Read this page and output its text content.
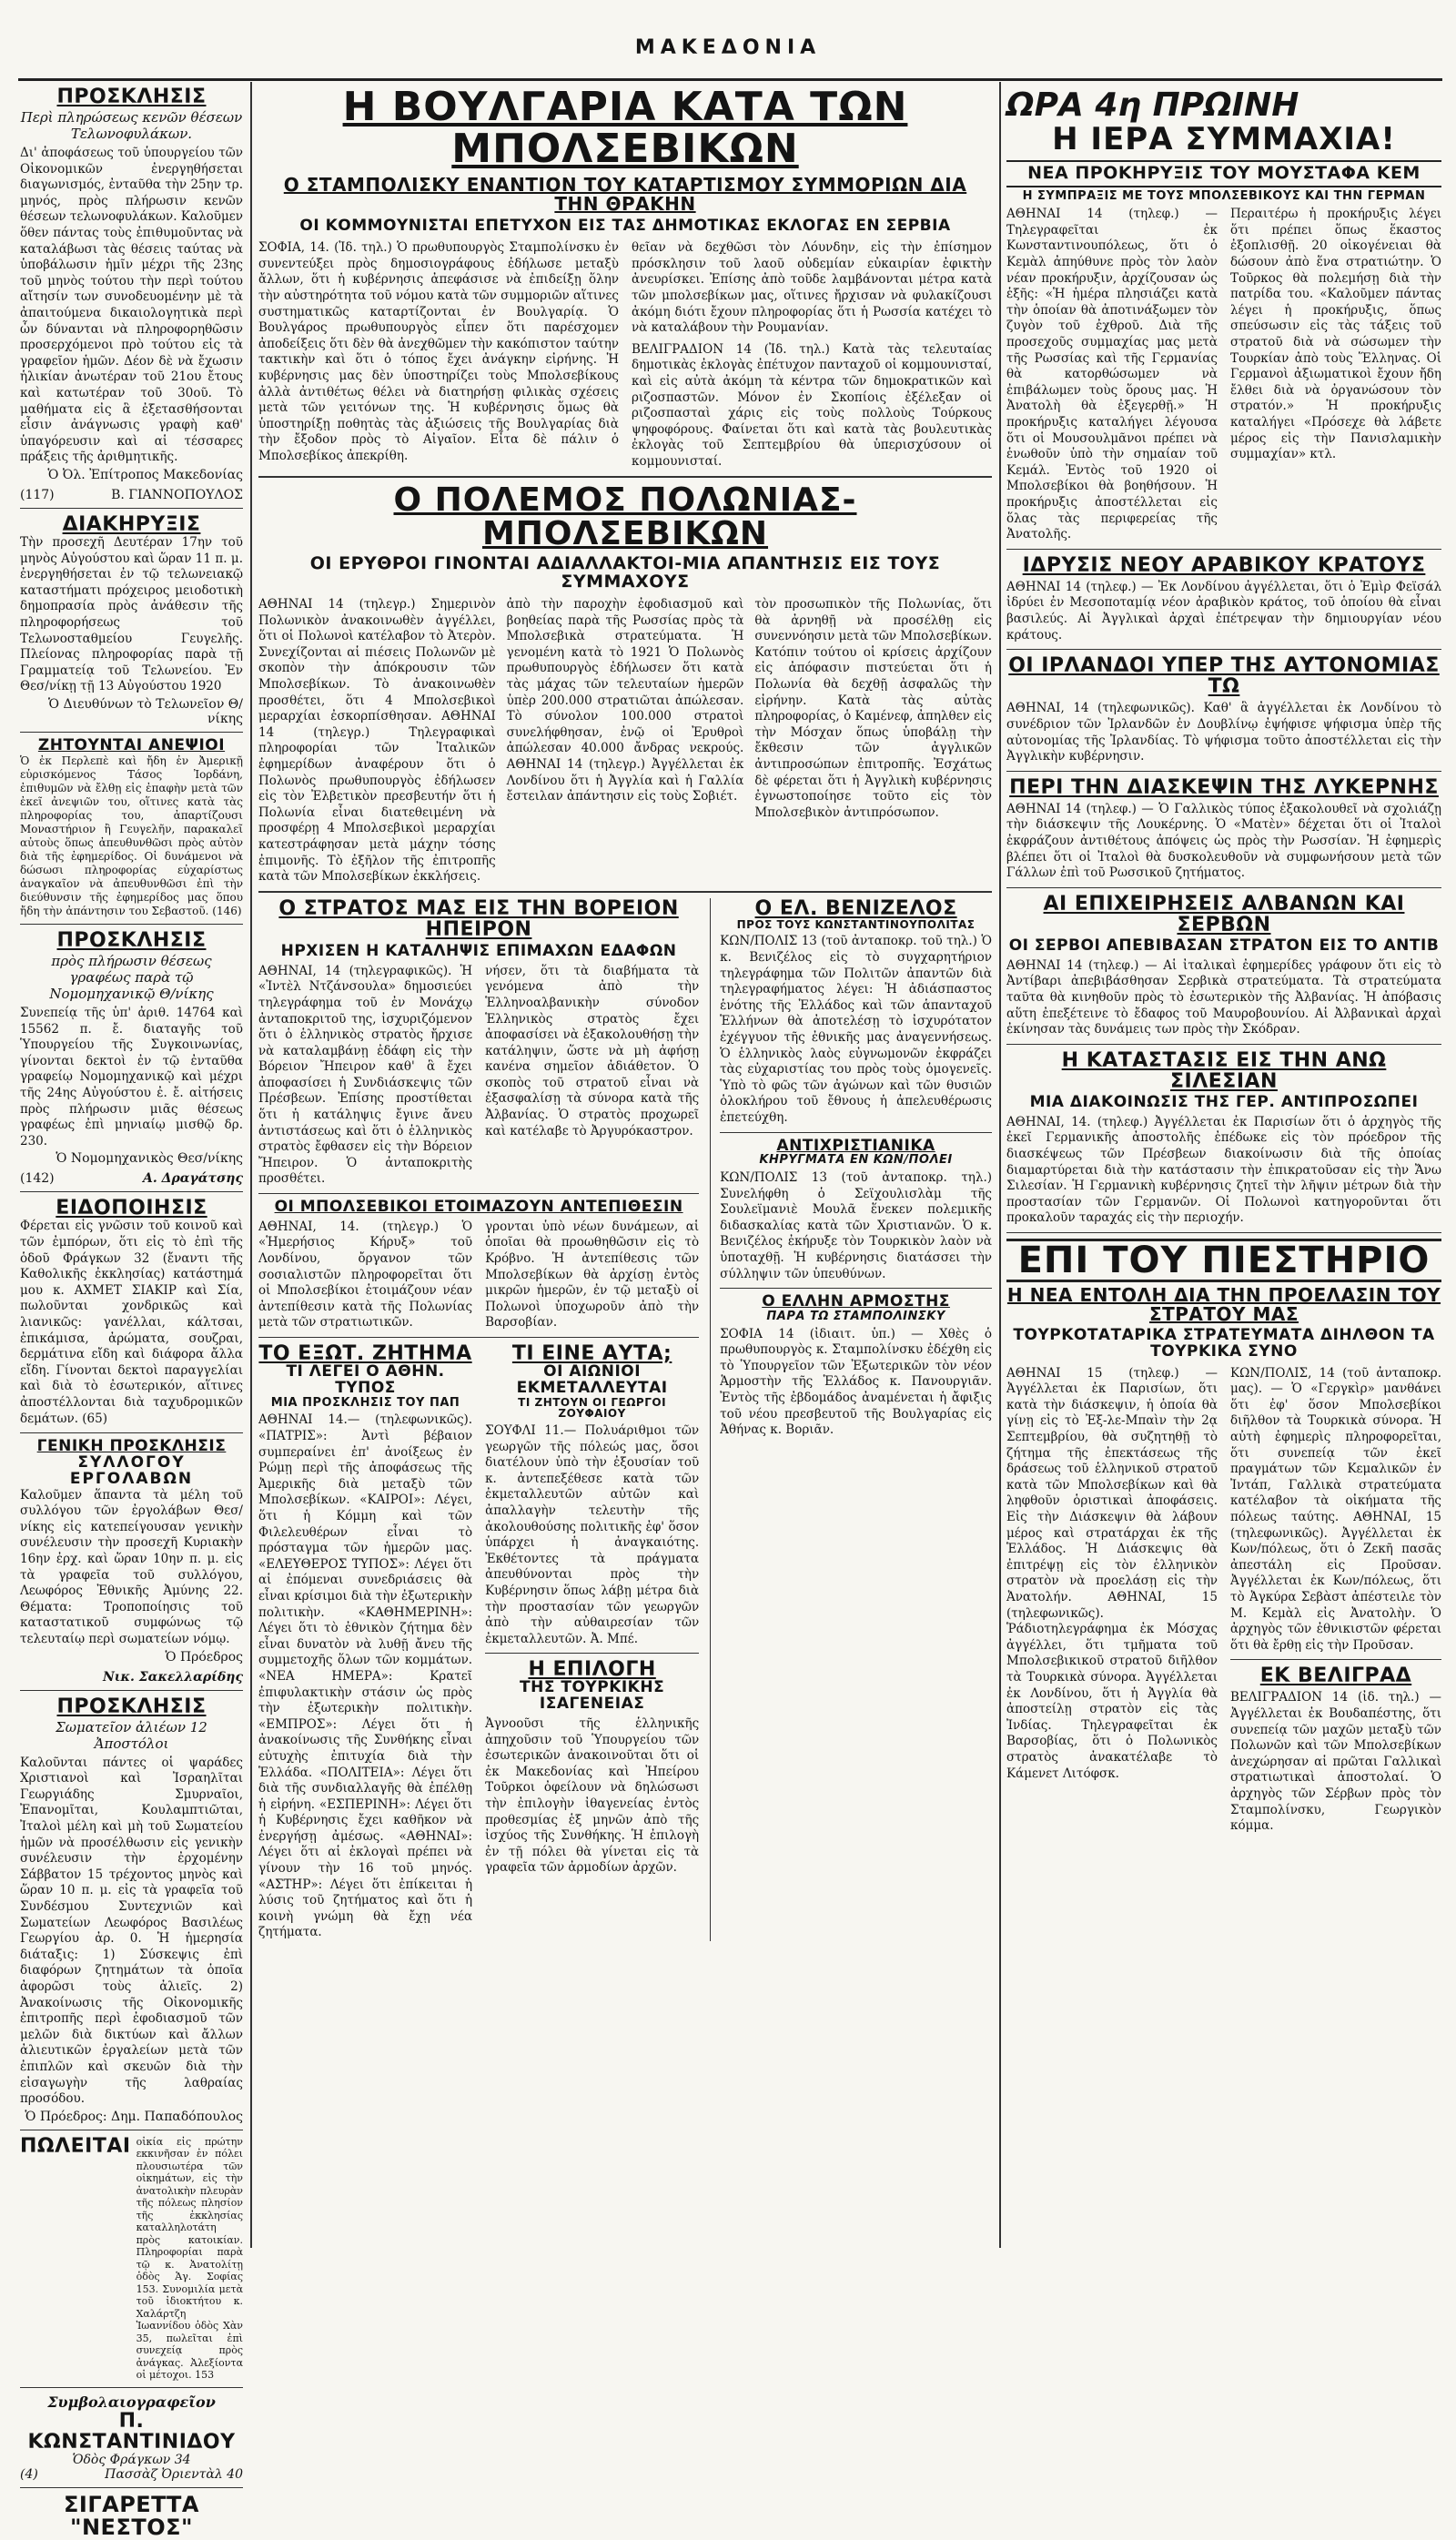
ΜΑΚΕΔΟΝΙΑ
ΠΡΟΣΚΛΗΣΙΣ
Περὶ πληρώσεως κενῶν θέσεων Τελωνοφυλάκων.

Δι' ἀποφάσεως τοῦ ὑπουργείου τῶν Οἰκονομικῶν ἐνεργηθήσεται διαγωνισμός, ἐνταῦθα τὴν 25ην τρ. μηνός, πρὸς πλήρωσιν κενῶν θέσεων τελωνοφυλάκων. Καλοῦμεν ὅθεν πάντας τοὺς ἐπιθυμοῦντας νὰ καταλάβωσι τὰς θέσεις ταύτας νὰ ὑποβάλωσιν ἡμῖν μέχρι τῆς 23ης τοῦ μηνὸς τούτου τὴν περὶ τούτου αἴτησίν των συνοδευομένην μὲ τὰ ἀπαιτούμενα δικαιολογητικὰ περὶ ὧν δύνανται νὰ πληροφορηθῶσιν προσερχόμενοι πρὸ τούτου εἰς τὰ γραφεῖον ἡμῶν. Δέον δὲ νὰ ἔχωσιν ἡλικίαν ἀνωτέραν τοῦ 21ου ἔτους καὶ κατωτέραν τοῦ 30οῦ. Τὸ μαθήματα εἰς ἃ ἐξετασθήσονται εἶσιν ἀνάγνωσις γραφὴ καθ' ὑπαγόρευσιν καὶ αἱ τέσσαρες πράξεις τῆς ἀριθμητικῆς.

Ὁ Ὀλ. Ἐπίτροπος Μακεδονίας
(117)	Β. ΓΙΑΝΝΟΠΟΥΛΟΣ
ΔΙΑΚΗΡΥΞΙΣ

Τὴν προσεχῆ Δευτέραν 17ην τοῦ μηνὸς Αὐγούστου καὶ ὥραν 11 π. μ. ἐνεργηθήσεται ἐν τῷ τελωνειακῷ καταστήματι πρόχειρος μειοδοτικὴ δημοπρασία πρὸς ἀνάθεσιν τῆς πληροφορήσεως τοῦ Τελωνοσταθμείου Γευγελῆς. Πλείονας πληροφορίας παρὰ τῇ Γραμματείᾳ τοῦ Τελωνείου. Ἐν Θεσ/νίκῃ τῇ 13 Αὐγούστου 1920

Ὁ Διευθύνων τὸ Τελωνεῖον Θ/νίκης
ΖΗΤΟΥΝΤΑΙ ΑΝΕΨΙΟΙ

Ὁ ἐκ Περλεπὲ καὶ ἤδη ἐν Ἀμερικῇ εὑρισκόμενος Τάσος Ἰορδάνη, ἐπιθυμῶν νὰ ἔλθῃ εἰς ἐπαφὴν μετὰ τῶν ἐκεῖ ἀνεψιῶν του, οἵτινες κατὰ τὰς πληροφορίας του, ἀπαρτίζουσι Μοναστήριον ἢ Γευγελῆν, παρακαλεῖ αὐτοὺς ὅπως ἀπευθυνθῶσι πρὸς αὐτὸν διὰ τῆς ἐφημερίδος. Οἱ δυνάμενοι νὰ δώσωσι πληροφορίας εὐχαρίστως ἀναγκαῖον νὰ ἀπευθυνθῶσι ἐπὶ τὴν διεύθυνσιν τῆς ἐφημερίδος μας ὅπου ἤδη τὴν ἀπάντησιν του Σεβαστοῦ. (146)

ΠΡΟΣΚΛΗΣΙΣ
πρὸς πλήρωσιν θέσεως γραφέως παρὰ τῷ Νομομηχανικῷ Θ/νίκης

Συνεπείᾳ τῆς ὑπ' ἀριθ. 14764 καὶ 15562 π. ἔ. διαταγῆς τοῦ Ὑπουργείου τῆς Συγκοινωνίας, γίνονται δεκτοὶ ἐν τῷ ἐνταῦθα γραφείῳ Νομομηχανικῷ καὶ μέχρι τῆς 24ης Αὐγούστου ἐ. ἔ. αἰτήσεις πρὸς πλήρωσιν μιᾶς θέσεως γραφέως ἐπὶ μηνιαίῳ μισθῷ δρ. 230.

Ὁ Νομομηχανικὸς Θεσ/νίκης
(142)	Α. Δραγάτσης
ΕΙΔΟΠΟΙΗΣΙΣ

Φέρεται εἰς γνῶσιν τοῦ κοινοῦ καὶ τῶν ἐμπόρων, ὅτι εἰς τὸ ἐπὶ τῆς ὁδοῦ Φράγκων 32 (ἔναντι τῆς Καθολικῆς ἐκκλησίας) κατάστημά μου κ. ΑΧΜΕΤ ΣΙΑΚΙΡ καὶ Σία, πωλοῦνται χονδρικῶς καὶ λιανικῶς: γανέλλαι, κάλτσαι, ἐπικάμισα, ἀρώματα, σουζραι, δερμάτινα εἴδη καὶ διάφορα ἄλλα εἴδη. Γίνονται δεκτοὶ παραγγελίαι καὶ διὰ τὸ ἐσωτερικόν, αἵτινες ἀποστέλλονται διὰ ταχυδρομικῶν δεμάτων. (65)

ΓΕΝΙΚΗ ΠΡΟΣΚΛΗΣΙΣ
ΣΥΛΛΟΓΟΥ ΕΡΓΟΛΑΒΩΝ

Καλοῦμεν ἅπαντα τὰ μέλη τοῦ συλλόγου τῶν ἐργολάβων Θεσ/νίκης εἰς κατεπείγουσαν γενικὴν συνέλευσιν τὴν προσεχῆ Κυριακὴν 16ην ἐρχ. καὶ ὥραν 10ην π. μ. εἰς τὰ γραφεῖα τοῦ συλλόγου, Λεωφόρος Ἐθνικῆς Ἀμύνης 22. Θέματα: Τροποποίησις τοῦ καταστατικοῦ συμφώνως τῷ τελευταίῳ περὶ σωματείων νόμῳ.

Ὁ Πρόεδρος
Νικ. Σακελλαρίδης
ΠΡΟΣΚΛΗΣΙΣ
Σωματεῖον ἀλιέων 12 Ἀποστόλοι

Καλοῦνται πάντες οἱ ψαράδες Χριστιανοὶ καὶ Ἰσραηλῖται Γεωργιάδης Σμυρναῖοι, Ἐπανομῖται, Κουλαμπτιῶται, Ἰταλοὶ μέλη καὶ μὴ τοῦ Σωματείου ἡμῶν νὰ προσέλθωσιν εἰς γενικὴν συνέλευσιν τὴν ἐρχομένην Σάββατον 15 τρέχοντος μηνὸς καὶ ὥραν 10 π. μ. εἰς τὰ γραφεῖα τοῦ Συνδέσμου Συντεχνιῶν καὶ Σωματείων Λεωφόρος Βασιλέως Γεωργίου ἀρ. 0. Ἡ ἡμερησία διάταξις: 1) Σύσκεψις ἐπὶ διαφόρων ζητημάτων τὰ ὁποῖα ἀφορῶσι τοὺς ἀλιεῖς. 2) Ἀνακοίνωσις τῆς Οἰκονομικῆς ἐπιτροπῆς περὶ ἐφοδιασμοῦ τῶν μελῶν διὰ δικτύων καὶ ἄλλων ἀλιευτικῶν ἐργαλείων μετὰ τῶν ἐπιπλῶν καὶ σκευῶν διὰ τὴν εἰσαγωγὴν τῆς λαθραίας προσόδου.

Ὁ Πρόεδρος: Δημ. Παπαδόπουλος
ΠΩΛΕΙΤΑΙ οἰκία εἰς πρώτην εκκινῆσαν ἐν πόλει πλουσιωτέρα τῶν οἰκημάτων, εἰς τὴν ἀνατολικὴν πλευρὰν τῆς πόλεως πλησίον τῆς ἐκκλησίας καταλληλοτάτη πρὸς κατοικίαν. Πληροφορίαι παρὰ τῷ κ. Ἀνατολίτῃ ὁδὸς Ἁγ. Σοφίας 153. Συνομιλία μετὰ τοῦ ἰδιοκτήτου κ. Χαλάρτζη Ἰωαννίδου ὁδὸς Χὰν 35, πωλεῖται ἐπὶ συνεχείᾳ πρὸς ἀνάγκας. Ἀλεξίοντα οἱ μέτοχοι. 153

Συμβολαιογραφεῖον
Π. ΚΩΝΣΤΑΝΤΙΝΙΔΟΥ
Ὁδὸς Φράγκων 34
(4)	Πασσὰζ Ὀριεντὰλ 40
ΣΙΓΑΡΕΤΤΑ "ΝΕΣΤΟΣ"
Η ΒΟΥΛΓΑΡΙΑ ΚΑΤΑ ΤΩΝ ΜΠΟΛΣΕΒΙΚΩΝ
Ο ΣΤΑΜΠΟΛΙΣΚΥ ΕΝΑΝΤΙΟΝ ΤΟΥ ΚΑΤΑΡΤΙΣΜΟΥ ΣΥΜΜΟΡΙΩΝ ΔΙΑ ΤΗΝ ΘΡΑΚΗΝ
ΟΙ ΚΟΜΜΟΥΝΙΣΤΑΙ ΕΠΕΤΥΧΟΝ ΕΙΣ ΤΑΣ ΔΗΜΟΤΙΚΑΣ ΕΚΛΟΓΑΣ ΕΝ ΣΕΡΒΙΑ

ΣΟΦΙΑ, 14. (Ἰδ. τηλ.) Ὁ πρωθυπουργὸς Σταμπολίνσκυ ἐν συνεντεύξει πρὸς δημοσιογράφους ἐδήλωσε μεταξὺ ἄλλων, ὅτι ἡ κυβέρνησις ἀπεφάσισε νὰ ἐπιδείξῃ ὅλην τὴν αὐστηρότητα τοῦ νόμου κατὰ τῶν συμμοριῶν αἵτινες συστηματικῶς καταρτίζονται ἐν Βουλγαρίᾳ. Ὁ Βουλγάρος πρωθυπουργὸς εἶπεν ὅτι παρέσχομεν ἀποδείξεις ὅτι δὲν θὰ ἀνεχθῶμεν τὴν κακόπιστον ταύτην τακτικὴν καὶ ὅτι ὁ τόπος ἔχει ἀνάγκην εἰρήνης. Ἡ κυβέρνησις μας δὲν ὑποστηρίζει τοὺς Μπολσεβίκους ἀλλὰ ἀντιθέτως θέλει νὰ διατηρήσῃ φιλικὰς σχέσεις μετὰ τῶν γειτόνων της. Ἡ κυβέρνησις ὅμως θὰ ὑποστηρίξῃ ποθητὰς τὰς ἀξιώσεις τῆς Βουλγαρίας διὰ τὴν ἔξοδον πρὸς τὸ Αἰγαῖον. Εἶτα δὲ πάλιν ὁ Μπολσεβίκος ἀπεκρίθη.

θεῖαν νὰ δεχθῶσι τὸν Λόυνδην, εἰς τὴν ἐπίσημον πρόσκλησιν τοῦ λαοῦ οὐδεμίαν εὐκαιρίαν ἐφικτὴν ἀνευρίσκει. Ἐπίσης ἀπὸ τοῦδε λαμβάνονται μέτρα κατὰ τῶν μπολσεβίκων μας, οἵτινες ἤρχισαν νὰ φυλακίζουσι ἀκόμη διότι ἔχουν πληροφορίας ὅτι ἡ Ρωσσία κατέχει τὸ νὰ καταλάβουν τὴν Ρουμανίαν.

ΒΕΛΙΓΡΑΔΙΟΝ 14 (Ἰδ. τηλ.) Κατὰ τὰς τελευταίας δημοτικὰς ἐκλογὰς ἐπέτυχον πανταχοῦ οἱ κομμουνισταί, καὶ εἰς αὐτὰ ἀκόμη τὰ κέντρα τῶν δημοκρατικῶν καὶ ριζοσπαστῶν. Μόνον ἐν Σκοπίοις ἐξέλεξαν οἱ ριζοσπασταὶ χάρις εἰς τοὺς πολλοὺς Τούρκους ψηφοφόρους. Φαίνεται ὅτι καὶ κατὰ τὰς βουλευτικὰς ἐκλογὰς τοῦ Σεπτεμβρίου θὰ ὑπερισχύσουν οἱ κομμουνισταί.

Ο ΠΟΛΕΜΟΣ ΠΟΛΩΝΙΑΣ-ΜΠΟΛΣΕΒΙΚΩΝ
ΟΙ ΕΡΥΘΡΟΙ ΓΙΝΟΝΤΑΙ ΑΔΙΑΛΛΑΚΤΟΙ-ΜΙΑ ΑΠΑΝΤΗΣΙΣ ΕΙΣ ΤΟΥΣ ΣΥΜΜΑΧΟΥΣ

ΑΘΗΝΑΙ 14 (τηλεγρ.) Σημερινὸν Πολωνικὸν ἀνακοινωθὲν ἀγγέλλει, ὅτι οἱ Πολωνοὶ κατέλαβον τὸ Ἀτερὸν. Συνεχίζονται αἱ πιέσεις Πολωνῶν μὲ σκοπὸν τὴν ἀπόκρουσιν τῶν Μπολσεβίκων. Τὸ ἀνακοινωθὲν προσθέτει, ὅτι 4 Μπολσεβικοὶ μεραρχίαι ἐσκορπίσθησαν. ΑΘΗΝΑΙ 14 (τηλεγρ.) Τηλεγραφικαὶ πληροφορίαι τῶν Ἰταλικῶν ἐφημερίδων ἀναφέρουν ὅτι ὁ Πολωνὸς πρωθυπουργὸς ἐδήλωσεν εἰς τὸν Ἐλβετικὸν πρεσβευτήν ὅτι ἡ Πολωνία εἶναι διατεθειμένη νὰ προσφέρῃ 4 Μπολσεβικοὶ μεραρχίαι κατεστράφησαν μετὰ μάχην τόσης ἐπιμονῆς. Τὸ ἐξῆλον τῆς ἐπιτροπῆς κατὰ τῶν Μπολσεβίκων ἐκκλήσεις.

ἀπὸ τὴν παροχὴν ἐφοδιασμοῦ καὶ βοηθείας παρὰ τῆς Ρωσσίας πρὸς τὰ Μπολσεβικὰ στρατεύματα. Ἡ γενομένη κατὰ τὸ 1921 Ὁ Πολωνὸς πρωθυπουργὸς ἐδήλωσεν ὅτι κατὰ τὰς μάχας τῶν τελευταίων ἡμερῶν ὑπὲρ 200.000 στρατιῶται ἀπώλεσαν. Τὸ σύνολον 100.000 στρατοὶ συνελήφθησαν, ἐνῷ οἱ Ἐρυθροὶ ἀπώλεσαν 40.000 ἄνδρας νεκρούς. ΑΘΗΝΑΙ 14 (τηλεγρ.) Ἀγγέλλεται ἐκ Λονδίνου ὅτι ἡ Ἀγγλία καὶ ἡ Γαλλία ἔστειλαν ἀπάντησιν εἰς τοὺς Σοβιέτ.

τὸν προσωπικὸν τῆς Πολωνίας, ὅτι θὰ ἀρνηθῇ νὰ προσέλθῃ εἰς συνεννόησιν μετὰ τῶν Μπολσεβίκων. Κατόπιν τούτου οἱ κρίσεις ἀρχίζουν εἰς ἀπόφασιν πιστεύεται ὅτι ἡ Πολωνία θὰ δεχθῇ ἀσφαλῶς τὴν εἰρήνην. Κατὰ τὰς αὐτὰς πληροφορίας, ὁ Καμένεφ, ἀπηλθεν εἰς τὴν Μόσχαν ὅπως ὑποβάλῃ τὴν ἔκθεσιν τῶν ἀγγλικῶν ἀντιπροσώπων ἐπιτροπῆς. Ἐσχάτως δὲ φέρεται ὅτι ἡ Ἀγγλικὴ κυβέρνησις ἐγνωστοποίησε τοῦτο εἰς τὸν Μπολσεβικὸν ἀντιπρόσωπον.

Ο ΣΤΡΑΤΟΣ ΜΑΣ ΕΙΣ ΤΗΝ ΒΟΡΕΙΟΝ ΗΠΕΙΡΟΝ
ΗΡΧΙΣΕΝ Η ΚΑΤΑΛΗΨΙΣ ΕΠΙΜΑΧΩΝ ΕΔΑΦΩΝ

ΑΘΗΝΑΙ, 14 (τηλεγραφικῶς). Ἡ «Ἰντὲλ Ντζάνσουλα» δημοσιεύει τηλεγράφημα τοῦ ἐν Μονάχῳ ἀνταποκριτοῦ της, ἰσχυριζόμενον ὅτι ὁ ἑλληνικὸς στρατὸς ἤρχισε νὰ καταλαμβάνῃ ἐδάφη εἰς τὴν Βόρειον Ἤπειρον καθ' ἃ ἔχει ἀποφασίσει ἡ Συνδιάσκεψις τῶν Πρέσβεων. Ἐπίσης προστίθεται ὅτι ἡ κατάληψις ἔγινε ἄνευ ἀντιστάσεως καὶ ὅτι ὁ ἑλληνικὸς στρατὸς ἔφθασεν εἰς τὴν Βόρειον Ἤπειρον. Ὁ ἀνταποκριτὴς προσθέτει.

νήσεν, ὅτι τὰ διαβήματα τὰ γενόμενα ἀπὸ τὴν Ἑλληνοαλβανικὴν σύνοδον Ἑλληνικὸς στρατὸς ἔχει ἀποφασίσει νὰ ἐξακολουθήσῃ τὴν κατάληψιν, ὥστε νὰ μὴ ἀφήσῃ κανένα σημεῖον ἀδιάθετον. Ὁ σκοπὸς τοῦ στρατοῦ εἶναι νὰ ἐξασφαλίσῃ τὰ σύνορα κατὰ τῆς Ἀλβανίας. Ὁ στρατὸς προχωρεῖ καὶ κατέλαβε τὸ Ἀργυρόκαστρον.

ΟΙ ΜΠΟΛΣΕΒΙΚΟΙ ΕΤΟΙΜΑΖΟΥΝ ΑΝΤΕΠΙΘΕΣΙΝ

ΑΘΗΝΑΙ, 14. (τηλεγρ.) Ὁ «Ἡμερήσιος Κήρυξ» τοῦ Λονδίνου, ὄργανον τῶν σοσιαλιστῶν πληροφορεῖται ὅτι οἱ Μπολσεβίκοι ἑτοιμάζουν νέαν ἀντεπίθεσιν κατὰ τῆς Πολωνίας μετὰ τῶν στρατιωτικῶν.

γρονται ὑπὸ νέων δυνάμεων, αἱ ὁποῖαι θὰ προωθηθῶσιν εἰς τὸ Κρόβνο. Ἡ ἀντεπίθεσις τῶν Μπολσεβίκων θὰ ἀρχίσῃ ἐντὸς μικρῶν ἡμερῶν, ἐν τῷ μεταξὺ οἱ Πολωνοὶ ὑποχωροῦν ἀπὸ τὴν Βαρσοβίαν.

ΤΟ ΕΞΩΤ. ΖΗΤΗΜΑ
ΤΙ ΛΕΓΕΙ Ο ΑΘΗΝ. ΤΥΠΟΣ
ΜΙΑ ΠΡΟΣΚΛΗΣΙΣ ΤΟΥ ΠΑΠ

ΑΘΗΝΑΙ 14.— (τηλεφωνικῶς). «ΠΑΤΡΙΣ»: Ἀντὶ βέβαιον συμπεραίνει ἐπ' ἀνοίξεως ἐν Ρώμῃ περὶ τῆς ἀποφάσεως τῆς Ἀμερικῆς διὰ μεταξὺ τῶν Μπολσεβίκων. «ΚΑΙΡΟΙ»: Λέγει, ὅτι ἡ Κόμμη καὶ τῶν Φιλελευθέρων εἶναι τὸ πρόσταγμα τῶν ἡμερῶν μας. «ΕΛΕΥΘΕΡΟΣ ΤΥΠΟΣ»: Λέγει ὅτι αἱ ἐπόμεναι συνεδριάσεις θὰ εἶναι κρίσιμοι διὰ τὴν ἐξωτερικὴν πολιτικὴν. «ΚΑΘΗΜΕΡΙΝΗ»: Λέγει ὅτι τὸ ἐθνικὸν ζήτημα δὲν εἶναι δυνατὸν νὰ λυθῇ ἄνευ τῆς συμμετοχῆς ὅλων τῶν κομμάτων. «ΝΕΑ ΗΜΕΡΑ»: Κρατεῖ ἐπιφυλακτικὴν στάσιν ὡς πρὸς τὴν ἐξωτερικὴν πολιτικὴν. «ΕΜΠΡΟΣ»: Λέγει ὅτι ἡ ἀνακοίνωσις τῆς Συνθήκης εἶναι εὐτυχὴς ἐπιτυχία διὰ τὴν Ἑλλάδα. «ΠΟΛΙΤΕΙΑ»: Λέγει ὅτι διὰ τῆς συνδιαλλαγῆς θὰ ἐπέλθῃ ἡ εἰρήνη. «ΕΣΠΕΡΙΝΗ»: Λέγει ὅτι ἡ Κυβέρνησις ἔχει καθῆκον νὰ ἐνεργήσῃ ἀμέσως. «ΑΘΗΝΑΙ»: Λέγει ὅτι αἱ ἐκλογαὶ πρέπει νὰ γίνουν τὴν 16 τοῦ μηνός. «ΑΣΤΗΡ»: Λέγει ὅτι ἐπίκειται ἡ λύσις τοῦ ζητήματος καὶ ὅτι ἡ κοινὴ γνώμη θὰ ἔχῃ νέα ζητήματα.

ΤΙ ΕΙΝΕ ΑΥΤΑ;
ΟΙ ΑΙΩΝΙΟΙ ΕΚΜΕΤΑΛΛΕΥΤΑΙ
ΤΙ ΖΗΤΟΥΝ ΟΙ ΓΕΩΡΓΟΙ ΖΟΥΦΑΙΟΥ

ΣΟΥΦΛΙ 11.— Πολυάριθμοι τῶν γεωργῶν τῆς πόλεώς μας, ὅσοι διατέλουν ὑπὸ τὴν ἐξουσίαν τοῦ κ. ἀντεπεξέθεσε κατὰ τῶν ἐκμεταλλευτῶν αὐτῶν καὶ ἀπαλλαγὴν τελευτὴν τῆς ἀκολουθούσης πολιτικῆς ἐφ' ὅσον ὑπάρχει ἡ ἀναγκαιότης. Ἐκθέτοντες τὰ πράγματα ἀπευθύνονται πρὸς τὴν Κυβέρνησιν ὅπως λάβῃ μέτρα διὰ τὴν προστασίαν τῶν γεωργῶν ἀπὸ τὴν αὐθαιρεσίαν τῶν ἐκμεταλλευτῶν. Ἀ. Μπέ.

Η ΕΠΙΛΟΓΗ
ΤΗΣ ΤΟΥΡΚΙΚΗΣ ΙΣΑΓΕΝΕΙΑΣ

Ἀγνοοῦσι τῆς ἑλληνικῆς ἀπηχοῦσιν τοῦ Ὑπουργείου τῶν ἐσωτερικῶν ἀνακοινοῦται ὅτι οἱ ἐκ Μακεδονίας καὶ Ἠπείρου Τοῦρκοι ὀφείλουν νὰ δηλώσωσι τὴν ἐπιλογὴν ἰθαγενείας ἐντὸς προθεσμίας ἑξ μηνῶν ἀπὸ τῆς ἰσχύος τῆς Συνθήκης. Ἡ ἐπιλογὴ ἐν τῇ πόλει θὰ γίνεται εἰς τὰ γραφεῖα τῶν ἀρμοδίων ἀρχῶν.

Ο ΕΛ. ΒΕΝΙΖΕΛΟΣ
ΠΡΟΣ ΤΟΥΣ ΚΩΝΣΤΑΝΤΙΝΟΥΠΟΛΙΤΑΣ

ΚΩΝ/ΠΟΛΙΣ 13 (τοῦ ἀνταποκρ. τοῦ τηλ.) Ὁ κ. Βενιζέλος εἰς τὸ συγχαρητήριον τηλεγράφημα τῶν Πολιτῶν ἀπαντῶν διὰ τηλεγραφήματος λέγει: Ἡ ἀδιάσπαστος ἑνότης τῆς Ἑλλάδος καὶ τῶν ἁπανταχοῦ Ἑλλήνων θὰ ἀποτελέσῃ τὸ ἰσχυρότατον ἐχέγγυον τῆς ἐθνικῆς μας ἀναγεννήσεως. Ὁ ἑλληνικὸς λαὸς εὐγνωμονῶν ἐκφράζει τὰς εὐχαριστίας του πρὸς τοὺς ὁμογενεῖς. Ὑπὸ τὸ φῶς τῶν ἀγώνων καὶ τῶν θυσιῶν ὁλοκλήρου τοῦ ἔθνους ἡ ἀπελευθέρωσις ἐπετεύχθη.

ΑΝΤΙΧΡΙΣΤΙΑΝΙΚΑ
ΚΗΡΥΓΜΑΤΑ ΕΝ ΚΩΝ/ΠΟΛΕΙ

ΚΩΝ/ΠΟΛΙΣ 13 (τοῦ ἀνταποκρ. τηλ.) Συνελήφθη ὁ Σεϊχουλισλὰμ τῆς Σουλεϊμανιὲ Μουλᾶ ἕνεκεν πολεμικῆς διδασκαλίας κατὰ τῶν Χριστιανῶν. Ὁ κ. Βενιζέλος ἐκήρυξε τὸν Τουρκικὸν λαὸν νὰ ὑποταχθῇ. Ἡ κυβέρνησις διατάσσει τὴν σύλληψιν τῶν ὑπευθύνων.

Ο ΕΛΛΗΝ ΑΡΜΟΣΤΗΣ
ΠΑΡΑ ΤΩ ΣΤΑΜΠΟΛΙΝΣΚΥ

ΣΟΦΙΑ 14 (ἰδιαιτ. ὑπ.) — Χθὲς ὁ πρωθυπουργὸς κ. Σταμπολίνσκυ ἐδέχθη εἰς τὸ Ὑπουργεῖον τῶν Ἐξωτερικῶν τὸν νέον Ἁρμοστὴν τῆς Ἑλλάδος κ. Πανουργιᾶν. Ἐντὸς τῆς ἐβδομάδος ἀναμένεται ἡ ἄφιξις τοῦ νέου πρεσβευτοῦ τῆς Βουλγαρίας εἰς Ἀθήνας κ. Βοριᾶν.

ΩΡΑ 4η ΠΡΩΙΝΗ
Η ΙΕΡΑ ΣΥΜΜΑΧΙΑ!
ΝΕΑ ΠΡΟΚΗΡΥΞΙΣ ΤΟΥ ΜΟΥΣΤΑΦΑ ΚΕΜ
Η ΣΥΜΠΡΑΞΙΣ ΜΕ ΤΟΥΣ ΜΠΟΛΣΕΒΙΚΟΥΣ ΚΑΙ ΤΗΝ ΓΕΡΜΑΝ

ΑΘΗΝΑΙ 14 (τηλεφ.) — Τηλεγραφεῖται ἐκ Κωνσταντινουπόλεως, ὅτι ὁ Κεμὰλ ἀπηύθυνε πρὸς τὸν λαὸν νέαν προκήρυξιν, ἀρχίζουσαν ὡς ἑξῆς: «Ἡ ἡμέρα πλησιάζει κατὰ τὴν ὁποίαν θὰ ἀποτινάξωμεν τὸν ζυγὸν τοῦ ἐχθροῦ. Διὰ τῆς προσεχοῦς συμμαχίας μας μετὰ τῆς Ρωσσίας καὶ τῆς Γερμανίας θὰ κατορθώσωμεν νὰ ἐπιβάλωμεν τοὺς ὅρους μας. Ἡ Ἀνατολὴ θὰ ἐξεγερθῇ.» Ἡ προκήρυξις καταλήγει λέγουσα ὅτι οἱ Μουσουλμᾶνοι πρέπει νὰ ἑνωθοῦν ὑπὸ τὴν σημαίαν τοῦ Κεμάλ. Ἐντὸς τοῦ 1920 οἱ Μπολσεβίκοι θὰ βοηθήσουν. Ἡ προκήρυξις ἀποστέλλεται εἰς ὅλας τὰς περιφερείας τῆς Ἀνατολῆς.

Περαιτέρω ἡ προκήρυξις λέγει ὅτι πρέπει ὅπως ἕκαστος ἐξοπλισθῇ. 20 οἰκογένειαι θὰ δώσουν ἀπὸ ἕνα στρατιώτην. Ὁ Τοῦρκος θὰ πολεμήσῃ διὰ τὴν πατρίδα του. «Καλοῦμεν πάντας λέγει ἡ προκήρυξις, ὅπως σπεύσωσιν εἰς τὰς τάξεις τοῦ στρατοῦ διὰ νὰ σώσωμεν τὴν Τουρκίαν ἀπὸ τοὺς Ἕλληνας. Οἱ Γερμανοὶ ἀξιωματικοὶ ἔχουν ἤδη ἔλθει διὰ νὰ ὀργανώσουν τὸν στρατόν.» Ἡ προκήρυξις καταλήγει «Πρόσεχε θὰ λάβετε μέρος εἰς τὴν Πανισλαμικὴν συμμαχίαν» κτλ.

ΙΔΡΥΣΙΣ ΝΕΟΥ ΑΡΑΒΙΚΟΥ ΚΡΑΤΟΥΣ

ΑΘΗΝΑΙ 14 (τηλεφ.) — Ἐκ Λονδίνου ἀγγέλλεται, ὅτι ὁ Ἐμὶρ Φεϊσάλ ἰδρύει ἐν Μεσοποταμίᾳ νέον ἀραβικὸν κράτος, τοῦ ὁποίου θὰ εἶναι βασιλεύς. Αἱ Ἀγγλικαὶ ἀρχαὶ ἐπέτρεψαν τὴν δημιουργίαν νέου κράτους.

ΟΙ ΙΡΛΑΝΔΟΙ ΥΠΕΡ ΤΗΣ ΑΥΤΟΝΟΜΙΑΣ ΤΩ

ΑΘΗΝΑΙ, 14 (τηλεφωνικῶς). Καθ' ἃ ἀγγέλλεται ἐκ Λονδίνου τὸ συνέδριον τῶν Ἰρλανδῶν ἐν Δουβλίνῳ ἐψήφισε ψήφισμα ὑπὲρ τῆς αὐτονομίας τῆς Ἰρλανδίας. Τὸ ψήφισμα τοῦτο ἀποστέλλεται εἰς τὴν Ἀγγλικὴν κυβέρνησιν.

ΠΕΡΙ ΤΗΝ ΔΙΑΣΚΕΨΙΝ ΤΗΣ ΛΥΚΕΡΝΗΣ

ΑΘΗΝΑΙ 14 (τηλεφ.) — Ὁ Γαλλικὸς τύπος ἐξακολουθεῖ νὰ σχολιάζῃ τὴν διάσκεψιν τῆς Λουκέρνης. Ὁ «Ματὲν» δέχεται ὅτι οἱ Ἰταλοὶ ἐκφράζουν ἀντιθέτους ἀπόψεις ὡς πρὸς τὴν Ρωσσίαν. Ἡ ἐφημερὶς βλέπει ὅτι οἱ Ἰταλοὶ θὰ δυσκολευθοῦν νὰ συμφωνήσουν μετὰ τῶν Γάλλων ἐπὶ τοῦ Ρωσσικοῦ ζητήματος.

ΑΙ ΕΠΙΧΕΙΡΗΣΕΙΣ ΑΛΒΑΝΩΝ ΚΑΙ ΣΕΡΒΩΝ
ΟΙ ΣΕΡΒΟΙ ΑΠΕΒΙΒΑΣΑΝ ΣΤΡΑΤΟΝ ΕΙΣ ΤΟ ΑΝΤΙΒ

ΑΘΗΝΑΙ 14 (τηλεφ.) — Αἱ ἰταλικαὶ ἐφημερίδες γράφουν ὅτι εἰς τὸ Ἀντίβαρι ἀπεβιβάσθησαν Σερβικὰ στρατεύματα. Τὰ στρατεύματα ταῦτα θὰ κινηθοῦν πρὸς τὸ ἐσωτερικὸν τῆς Ἀλβανίας. Ἡ ἀπόβασις αὕτη ἐπεξέτεινε τὸ ἔδαφος τοῦ Μαυροβουνίου. Αἱ Ἀλβανικαὶ ἀρχαὶ ἐκίνησαν τὰς δυνάμεις των πρὸς τὴν Σκόδραν.

Η ΚΑΤΑΣΤΑΣΙΣ ΕΙΣ ΤΗΝ ΑΝΩ ΣΙΛΕΣΙΑΝ
ΜΙΑ ΔΙΑΚΟΙΝΩΣΙΣ ΤΗΣ ΓΕΡ. ΑΝΤΙΠΡΟΣΩΠΕΙ

ΑΘΗΝΑΙ, 14. (τηλεφ.) Ἀγγέλλεται ἐκ Παρισίων ὅτι ὁ ἀρχηγὸς τῆς ἐκεῖ Γερμανικῆς ἀποστολῆς ἐπέδωκε εἰς τὸν πρόεδρον τῆς διασκέψεως τῶν Πρέσβεων διακοίνωσιν διὰ τῆς ὁποίας διαμαρτύρεται διὰ τὴν κατάστασιν τὴν ἐπικρατοῦσαν εἰς τὴν Ἄνω Σιλεσίαν. Ἡ Γερμανικὴ κυβέρνησις ζητεῖ τὴν λῆψιν μέτρων διὰ τὴν προστασίαν τῶν Γερμανῶν. Οἱ Πολωνοὶ κατηγοροῦνται ὅτι προκαλοῦν ταραχάς εἰς τὴν περιοχήν.

ΕΠΙ ΤΟΥ ΠΙΕΣΤΗΡΙΟ
Η ΝΕΑ ΕΝΤΟΛΗ ΔΙΑ ΤΗΝ ΠΡΟΕΛΑΣΙΝ ΤΟΥ ΣΤΡΑΤΟΥ ΜΑΣ
ΤΟΥΡΚΟΤΑΤΑΡΙΚΑ ΣΤΡΑΤΕΥΜΑΤΑ ΔΙΗΛΘΟΝ ΤΑ ΤΟΥΡΚΙΚΑ ΣΥΝΟ

ΑΘΗΝΑΙ 15 (τηλεφ.) — Ἀγγέλλεται ἐκ Παρισίων, ὅτι κατὰ τὴν διάσκεψιν, ἡ ὁποία θὰ γίνῃ εἰς τὸ Ἐξ-λε-Μπαὶν τὴν 2ᾳ Σεπτεμβρίου, θὰ συζητηθῇ τὸ ζήτημα τῆς ἐπεκτάσεως τῆς δράσεως τοῦ ἑλληνικοῦ στρατοῦ κατὰ τῶν Μπολσεβίκων καὶ θὰ ληφθοῦν ὁριστικαὶ ἀποφάσεις. Εἰς τὴν Διάσκεψιν θὰ λάβουν μέρος καὶ στρατάρχαι ἐκ τῆς Ἑλλάδος. Ἡ Διάσκεψις θὰ ἐπιτρέψῃ εἰς τὸν ἑλληνικὸν στρατὸν νὰ προελάσῃ εἰς τὴν Ἀνατολήν. ΑΘΗΝΑΙ, 15 (τηλεφωνικῶς). Ῥάδιοτηλεγράφημα ἐκ Μόσχας ἀγγέλλει, ὅτι τμῆματα τοῦ Μπολσεβικικοῦ στρατοῦ διῆλθον τὰ Τουρκικὰ σύνορα. Ἀγγέλλεται ἐκ Λονδίνου, ὅτι ἡ Ἀγγλία θὰ ἀποστείλῃ στρατὸν εἰς τὰς Ἰνδίας. Τηλεγραφεῖται ἐκ Βαρσοβίας, ὅτι ὁ Πολωνικὸς στρατὸς ἀνακατέλαβε τὸ Κάμενετ Λιτόφσκ.

ΚΩΝ/ΠΟΛΙΣ, 14 (τοῦ ἀνταποκρ. μας). — Ὁ «Γεργκὶρ» μανθάνει ὅτι ἐφ' ὅσον Μπολσεβίκοι διῆλθον τὰ Τουρκικὰ σύνορα. Ἡ αὐτὴ ἐφημερὶς πληροφορεῖται, ὅτι συνεπείᾳ τῶν ἐκεῖ πραγμάτων τῶν Κεμαλικῶν ἐν Ἰντάπ, Γαλλικὰ στρατεύματα κατέλαβον τὰ οἰκήματα τῆς πόλεως ταύτης. ΑΘΗΝΑΙ, 15 (τηλεφωνικῶς). Ἀγγέλλεται ἐκ Κων/πόλεως, ὅτι ὁ Ζεκῆ πασᾶς ἀπεστάλη εἰς Προῦσαν. Ἀγγέλλεται ἐκ Κων/πόλεως, ὅτι τὸ Ἀγκύρα Σεβὰστ ἀπέστειλε τὸν Μ. Κεμὰλ εἰς Ἀνατολὴν. Ὁ ἀρχηγὸς τῶν ἐθνικιστῶν φέρεται ὅτι θὰ ἔρθῃ εἰς τὴν Προῦσαν.

ΕΚ ΒΕΛΙΓΡΑΔ

ΒΕΛΙΓΡΑΔΙΟΝ 14 (ἰδ. τηλ.) — Ἀγγέλλεται ἐκ Βουδαπέστης, ὅτι συνεπείᾳ τῶν μαχῶν μεταξὺ τῶν Πολωνῶν καὶ τῶν Μπολσεβίκων ἀνεχώρησαν αἱ πρῶται Γαλλικαὶ στρατιωτικαὶ ἀποστολαί. Ὁ ἀρχηγὸς τῶν Σέρβων πρὸς τὸν Σταμπολίνσκυ, Γεωργικὸν κόμμα.
